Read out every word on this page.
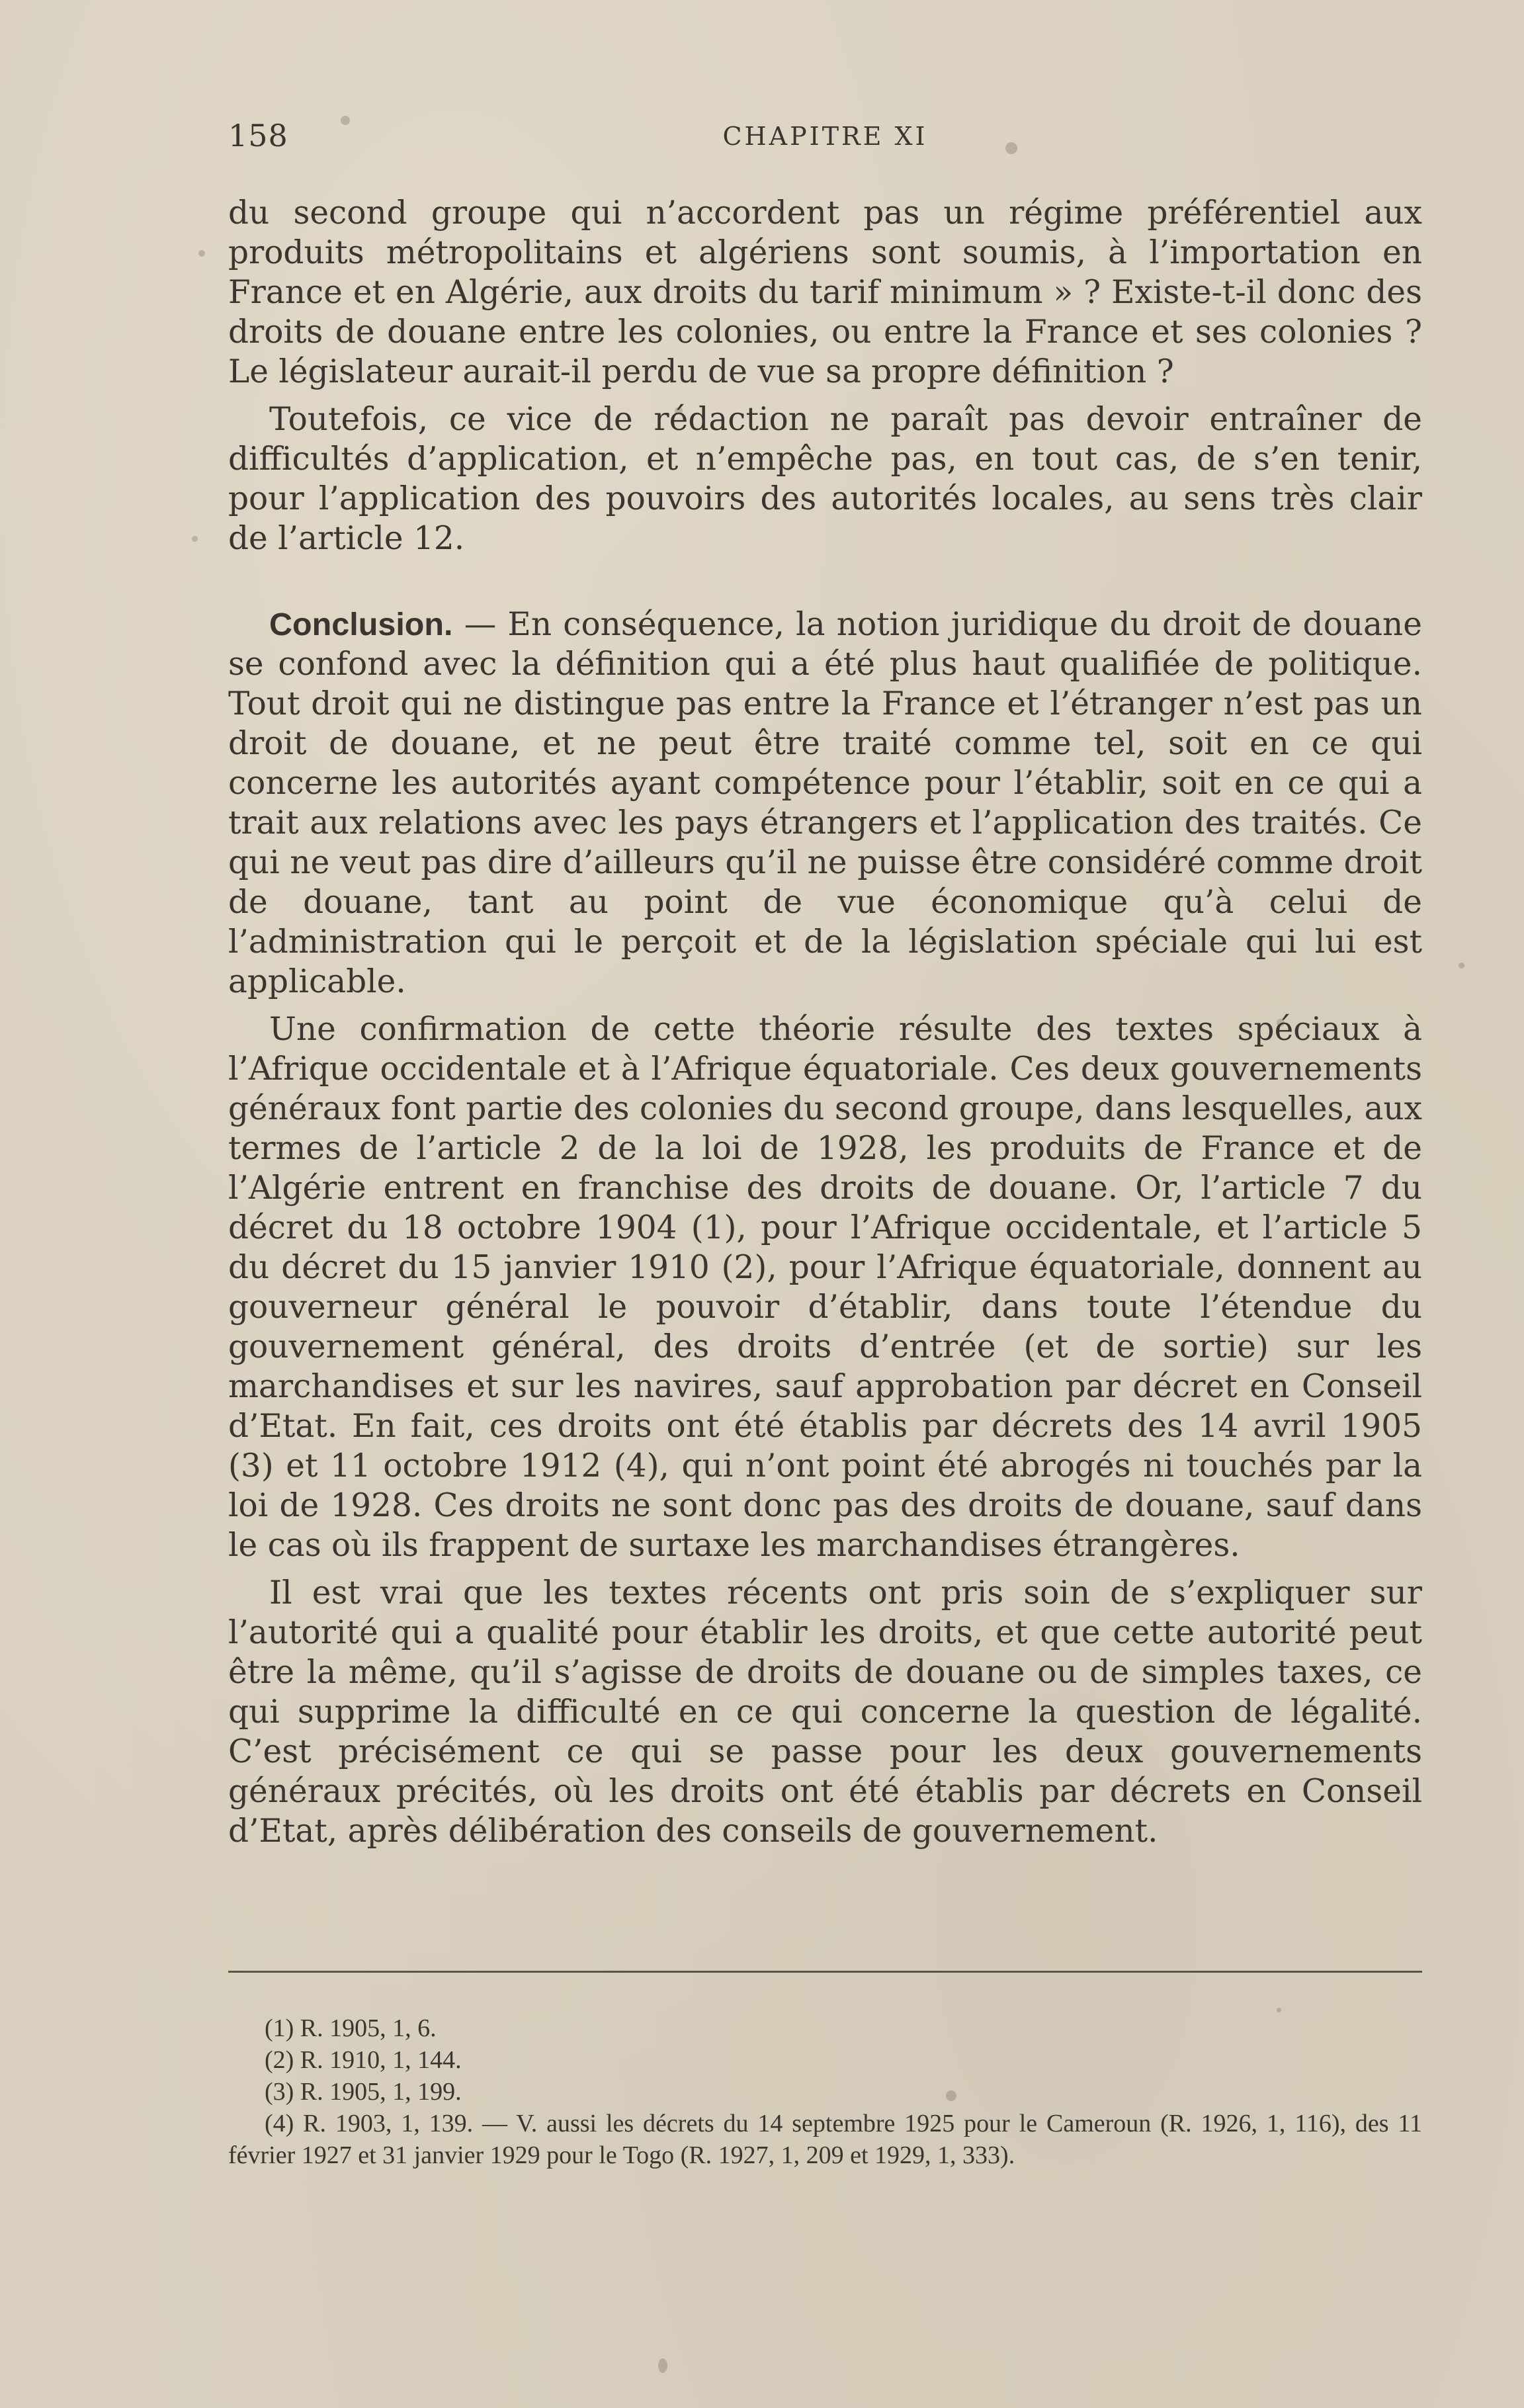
158	CHAPITRE XI

du second groupe qui n’accordent pas un régime préférentiel aux produits métropolitains et algériens sont soumis, à l’importation en France et en Algérie, aux droits du tarif minimum » ? Existe-t-il donc des droits de douane entre les colonies, ou entre la France et ses colonies ? Le législateur aurait-il perdu de vue sa propre définition ?

Toutefois, ce vice de rédaction ne paraît pas devoir entraîner de difficultés d’application, et n’empêche pas, en tout cas, de s’en tenir, pour l’application des pouvoirs des autorités locales, au sens très clair de l’article 12.

Conclusion. — En conséquence, la notion juridique du droit de douane se confond avec la définition qui a été plus haut qualifiée de politique. Tout droit qui ne distingue pas entre la France et l’étranger n’est pas un droit de douane, et ne peut être traité comme tel, soit en ce qui concerne les autorités ayant compétence pour l’établir, soit en ce qui a trait aux relations avec les pays étrangers et l’application des traités. Ce qui ne veut pas dire d’ailleurs qu’il ne puisse être considéré comme droit de douane, tant au point de vue économique qu’à celui de l’administration qui le perçoit et de la législation spéciale qui lui est applicable.

Une confirmation de cette théorie résulte des textes spéciaux à l’Afrique occidentale et à l’Afrique équatoriale. Ces deux gouvernements généraux font partie des colonies du second groupe, dans lesquelles, aux termes de l’article 2 de la loi de 1928, les produits de France et de l’Algérie entrent en franchise des droits de douane. Or, l’article 7 du décret du 18 octobre 1904 (1), pour l’Afrique occidentale, et l’article 5 du décret du 15 janvier 1910 (2), pour l’Afrique équatoriale, donnent au gouverneur général le pouvoir d’établir, dans toute l’étendue du gouvernement général, des droits d’entrée (et de sortie) sur les marchandises et sur les navires, sauf approbation par décret en Conseil d’Etat. En fait, ces droits ont été établis par décrets des 14 avril 1905 (3) et 11 octobre 1912 (4), qui n’ont point été abrogés ni touchés par la loi de 1928. Ces droits ne sont donc pas des droits de douane, sauf dans le cas où ils frappent de surtaxe les marchandises étrangères.

Il est vrai que les textes récents ont pris soin de s’expliquer sur l’autorité qui a qualité pour établir les droits, et que cette autorité peut être la même, qu’il s’agisse de droits de douane ou de simples taxes, ce qui supprime la difficulté en ce qui concerne la question de légalité. C’est précisément ce qui se passe pour les deux gouvernements généraux précités, où les droits ont été établis par décrets en Conseil d’Etat, après délibération des conseils de gouvernement.

(1) R. 1905, 1, 6.

(2) R. 1910, 1, 144.

(3) R. 1905, 1, 199.

(4) R. 1903, 1, 139. — V. aussi les décrets du 14 septembre 1925 pour le Cameroun (R. 1926, 1, 116), des 11 février 1927 et 31 janvier 1929 pour le Togo (R. 1927, 1, 209 et 1929, 1, 333).
